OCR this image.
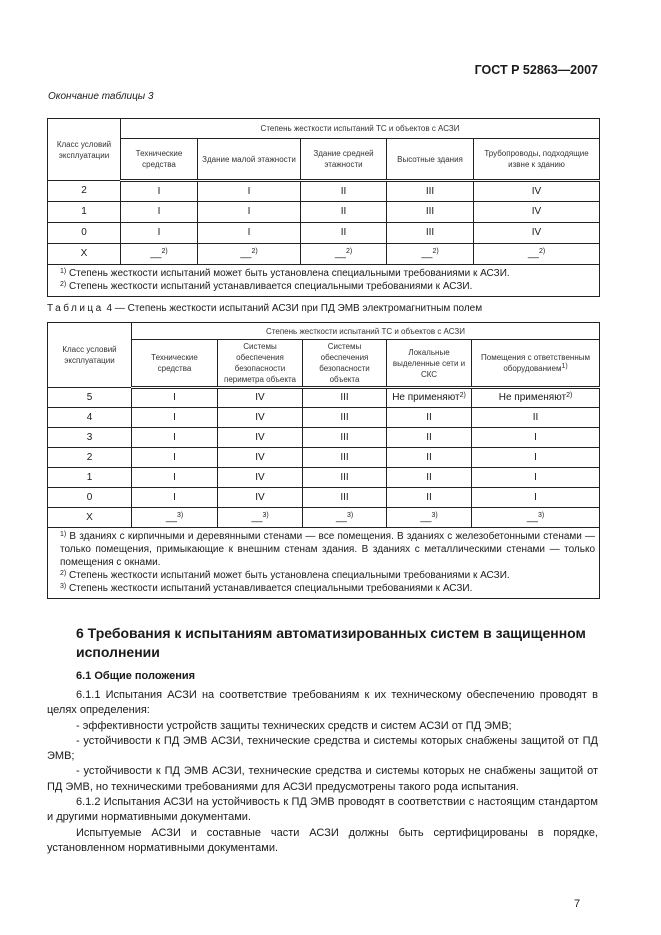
ГОСТ Р 52863—2007
Окончание таблицы 3
Класс условий эксплуатации	Степень жесткости испытаний ТС и объектов с АСЗИ				
	Технические средства	Здание малой этажности	Здание средней этажности	Высотные здания	Трубопроводы, подходящие извне к зданию
2	I	I	II	III	IV
1	I	I	II	III	IV
0	I	I	II	III	IV
X	__$^{2)}$	__$^{2)}$	__$^{2)}$	__$^{2)}$	__$^{2)}$

$^{1)}$ Степень жесткости испытаний может быть установлена специальными требованиями к АСЗИ.
$^{2)}$ Степень жесткости испытаний устанавливается специальными требованиями к АСЗИ.					
Таблица 4 — Степень жесткости испытаний АСЗИ при ПД ЭМВ электромагнитным полем
Класс условий эксплуатации	Степень жесткости испытаний ТС и объектов с АСЗИ				
	Технические средства	Системы обеспечения безопасности периметра объекта	Системы обеспечения безопасности объекта	Локальные выделенные сети и СКС	Помещения с ответственным оборудованием$^{1)}$
5	I	IV	III	Не применяют$^{2)}$	Не применяют$^{2)}$
4	I	IV	III	II	II
3	I	IV	III	II	I
2	I	IV	III	II	I
1	I	IV	III	II	I
0	I	IV	III	II	I
X	__$^{3)}$	__$^{3)}$	__$^{3)}$	__$^{3)}$	__$^{3)}$

$^{1)}$ В зданиях с кирпичными и деревянными стенами — все помещения. В зданиях с железобетонными стенами — только помещения, примыкающие к внешним стенам здания. В зданиях с металлическими стенами — только помещения с окнами.
$^{2)}$ Степень жесткости испытаний может быть установлена специальными требованиями к АСЗИ.
$^{3)}$ Степень жесткости испытаний устанавливается специальными требованиями к АСЗИ.					
6 Требования к испытаниям автоматизированных систем в защищенном исполнении
6.1 Общие положения

6.1.1 Испытания АСЗИ на соответствие требованиям к их техническому обеспечению проводят в целях определения:

- эффективности устройств защиты технических средств и систем АСЗИ от ПД ЭМВ;

- устойчивости к ПД ЭМВ АСЗИ, технические средства и системы которых снабжены защитой от ПД ЭМВ;

- устойчивости к ПД ЭМВ АСЗИ, технические средства и системы которых не снабжены защитой от ПД ЭМВ, но техническими требованиями для АСЗИ предусмотрены такого рода испытания.

6.1.2 Испытания АСЗИ на устойчивость к ПД ЭМВ проводят в соответствии с настоящим стандартом и другими нормативными документами.

Испытуемые АСЗИ и составные части АСЗИ должны быть сертифицированы в порядке, установленном нормативными документами.

7
